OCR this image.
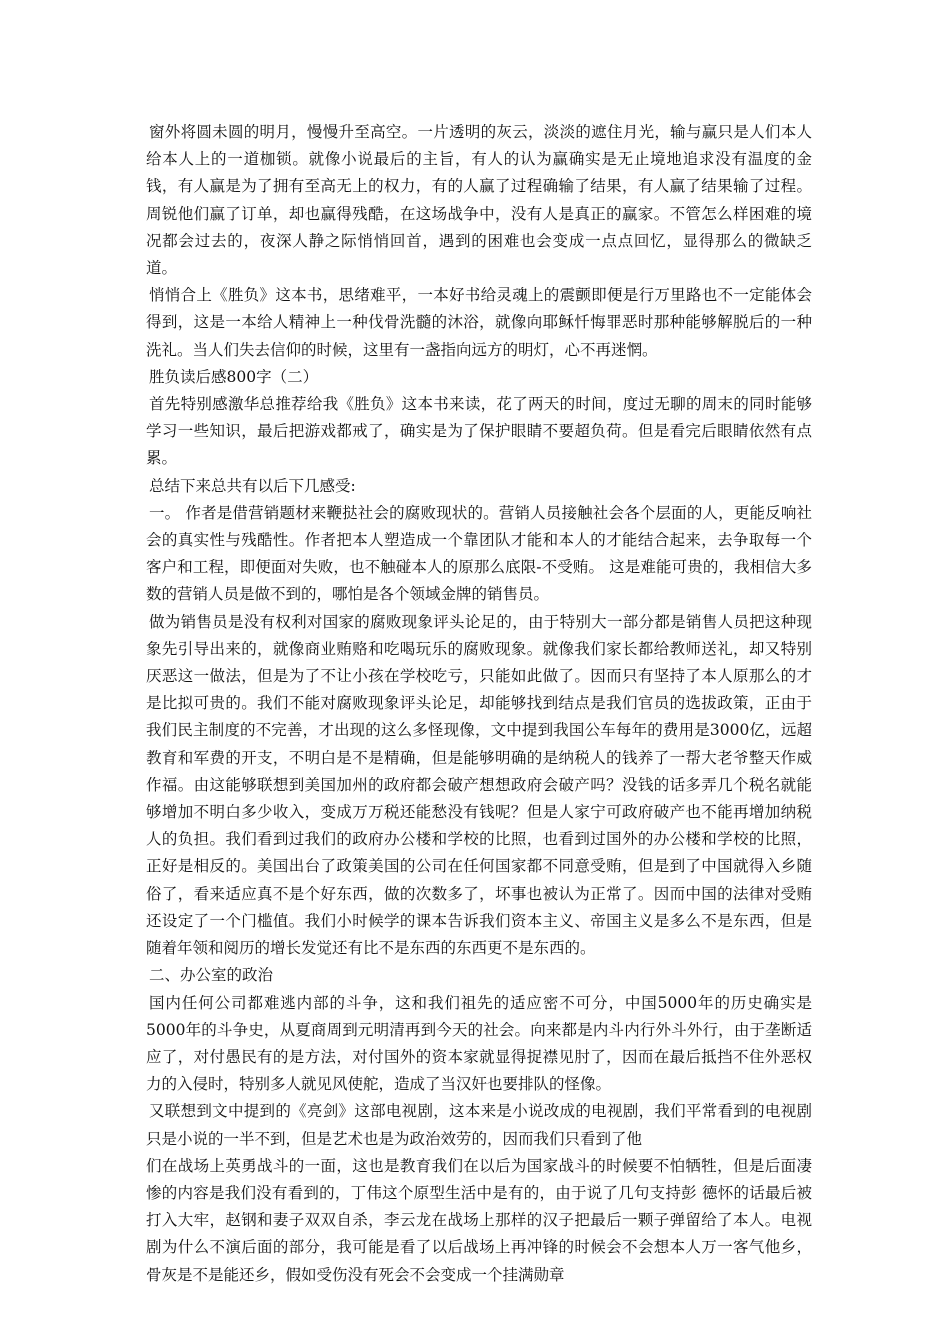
窗外将圆未圆的明月，慢慢升至高空。一片透明的灰云，淡淡的遮住月光，输与赢只是人们本人给本人上的一道枷锁。就像小说最后的主旨，有人的认为赢确实是无止境地追求没有温度的金钱，有人赢是为了拥有至高无上的权力，有的人赢了过程确输了结果，有人赢了结果输了过程。周锐他们赢了订单，却也赢得残酷，在这场战争中，没有人是真正的赢家。不管怎么样困难的境况都会过去的，夜深人静之际悄悄回首，遇到的困难也会变成一点点回忆，显得那么的微缺乏道。

悄悄合上《胜负》这本书，思绪难平，一本好书给灵魂上的震颤即便是行万里路也不一定能体会得到，这是一本给人精神上一种伐骨洗髓的沐浴，就像向耶稣忏悔罪恶时那种能够解脱后的一种洗礼。当人们失去信仰的时候，这里有一盏指向远方的明灯，心不再迷惘。

胜负读后感800字（二）

首先特别感激华总推荐给我《胜负》这本书来读，花了两天的时间，度过无聊的周末的同时能够学习一些知识，最后把游戏都戒了，确实是为了保护眼睛不要超负荷。但是看完后眼睛依然有点累。

总结下来总共有以后下几感受:

一。 作者是借营销题材来鞭挞社会的腐败现状的。营销人员接触社会各个层面的人，更能反响社会的真实性与残酷性。作者把本人塑造成一个靠团队才能和本人的才能结合起来，去争取每一个客户和工程，即便面对失败，也不触碰本人的原那么底限-不受贿。 这是难能可贵的，我相信大多数的营销人员是做不到的，哪怕是各个领域金牌的销售员。

做为销售员是没有权利对国家的腐败现象评头论足的，由于特别大一部分都是销售人员把这种现象先引导出来的，就像商业贿赂和吃喝玩乐的腐败现象。就像我们家长都给教师送礼，却又特别厌恶这一做法，但是为了不让小孩在学校吃亏，只能如此做了。因而只有坚持了本人原那么的才是比拟可贵的。我们不能对腐败现象评头论足，却能够找到结点是我们官员的选拔政策，正由于我们民主制度的不完善，才出现的这么多怪现像，文中提到我国公车每年的费用是3000亿，远超教育和军费的开支，不明白是不是精确，但是能够明确的是纳税人的钱养了一帮大老爷整天作威作福。由这能够联想到美国加州的政府都会破产想想政府会破产吗？没钱的话多弄几个税名就能够增加不明白多少收入，变成万万税还能愁没有钱呢？但是人家宁可政府破产也不能再增加纳税人的负担。我们看到过我们的政府办公楼和学校的比照，也看到过国外的办公楼和学校的比照，正好是相反的。美国出台了政策美国的公司在任何国家都不同意受贿，但是到了中国就得入乡随俗了，看来适应真不是个好东西，做的次数多了，坏事也被认为正常了。因而中国的法律对受贿还设定了一个门槛值。我们小时候学的课本告诉我们资本主义、帝国主义是多么不是东西，但是随着年领和阅历的增长发觉还有比不是东西的东西更不是东西的。

二、办公室的政治

国内任何公司都难逃内部的斗争，这和我们祖先的适应密不可分，中国5000年的历史确实是5000年的斗争史，从夏商周到元明清再到今天的社会。向来都是内斗内行外斗外行，由于垄断适应了，对付愚民有的是方法，对付国外的资本家就显得捉襟见肘了，因而在最后抵挡不住外恶权力的入侵时，特别多人就见风使舵，造成了当汉奸也要排队的怪像。

又联想到文中提到的《亮剑》这部电视剧，这本来是小说改成的电视剧，我们平常看到的电视剧只是小说的一半不到，但是艺术也是为政治效劳的，因而我们只看到了他

们在战场上英勇战斗的一面，这也是教育我们在以后为国家战斗的时候要不怕牺牲，但是后面凄惨的内容是我们没有看到的，丁伟这个原型生活中是有的，由于说了几句支持彭 德怀的话最后被打入大牢，赵钢和妻子双双自杀，李云龙在战场上那样的汉子把最后一颗子弹留给了本人。电视剧为什么不演后面的部分，我可能是看了以后战场上再冲锋的时候会不会想本人万一客气他乡，骨灰是不是能还乡，假如受伤没有死会不会变成一个挂满勋章
